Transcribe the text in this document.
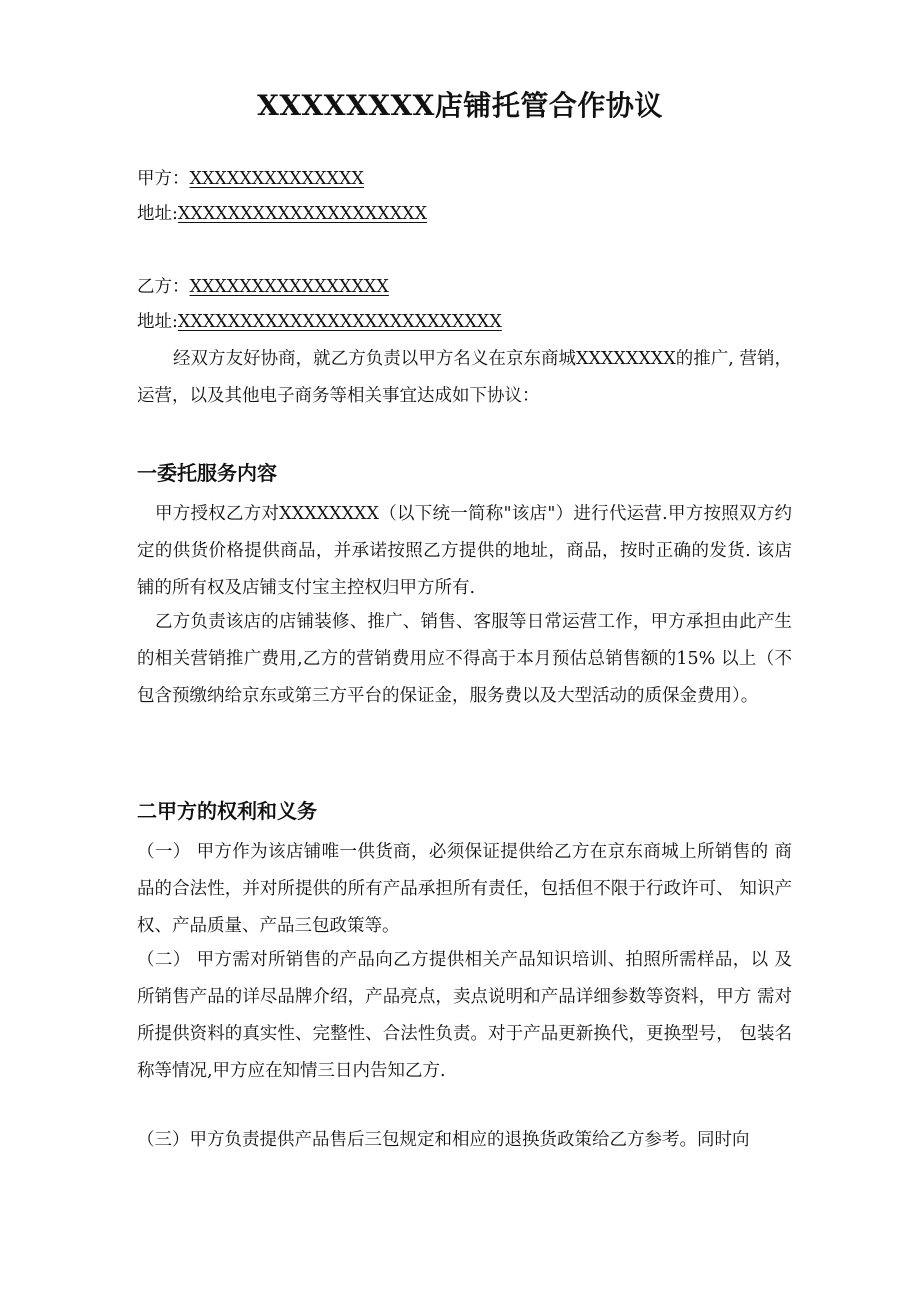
XXXXXXXX店铺托管合作协议
甲方：XXXXXXXXXXXXXX
地址:XXXXXXXXXXXXXXXXXXXX
乙方：XXXXXXXXXXXXXXXX
地址:XXXXXXXXXXXXXXXXXXXXXXXXXX
经双方友好协商，就乙方负责以甲方名义在京东商城XXXXXXXX的推广, 营销，运营，以及其他电子商务等相关事宜达成如下协议：
一委托服务内容
甲方授权乙方对XXXXXXXX（以下统一简称"该店"）进行代运营.甲方按照双方约定的供货价格提供商品，并承诺按照乙方提供的地址，商品，按时正确的发货. 该店铺的所有权及店铺支付宝主控权归甲方所有.
乙方负责该店的店铺装修、推广、销售、客服等日常运营工作，甲方承担由此产生的相关营销推广费用,乙方的营销费用应不得高于本月预估总销售额的15% 以上（不包含预缴纳给京东或第三方平台的保证金，服务费以及大型活动的质保金费用）。
二甲方的权利和义务
（一） 甲方作为该店铺唯一供货商，必须保证提供给乙方在京东商城上所销售的 商品的合法性，并对所提供的所有产品承担所有责任，包括但不限于行政许可、 知识产权、产品质量、产品三包政策等。
（二） 甲方需对所销售的产品向乙方提供相关产品知识培训、拍照所需样品，以 及所销售产品的详尽品牌介绍，产品亮点，卖点说明和产品详细参数等资料，甲方 需对所提供资料的真实性、完整性、合法性负责。对于产品更新换代，更换型号， 包装名称等情况,甲方应在知情三日内告知乙方.
（三）甲方负责提供产品售后三包规定和相应的退换货政策给乙方参考。同时向
